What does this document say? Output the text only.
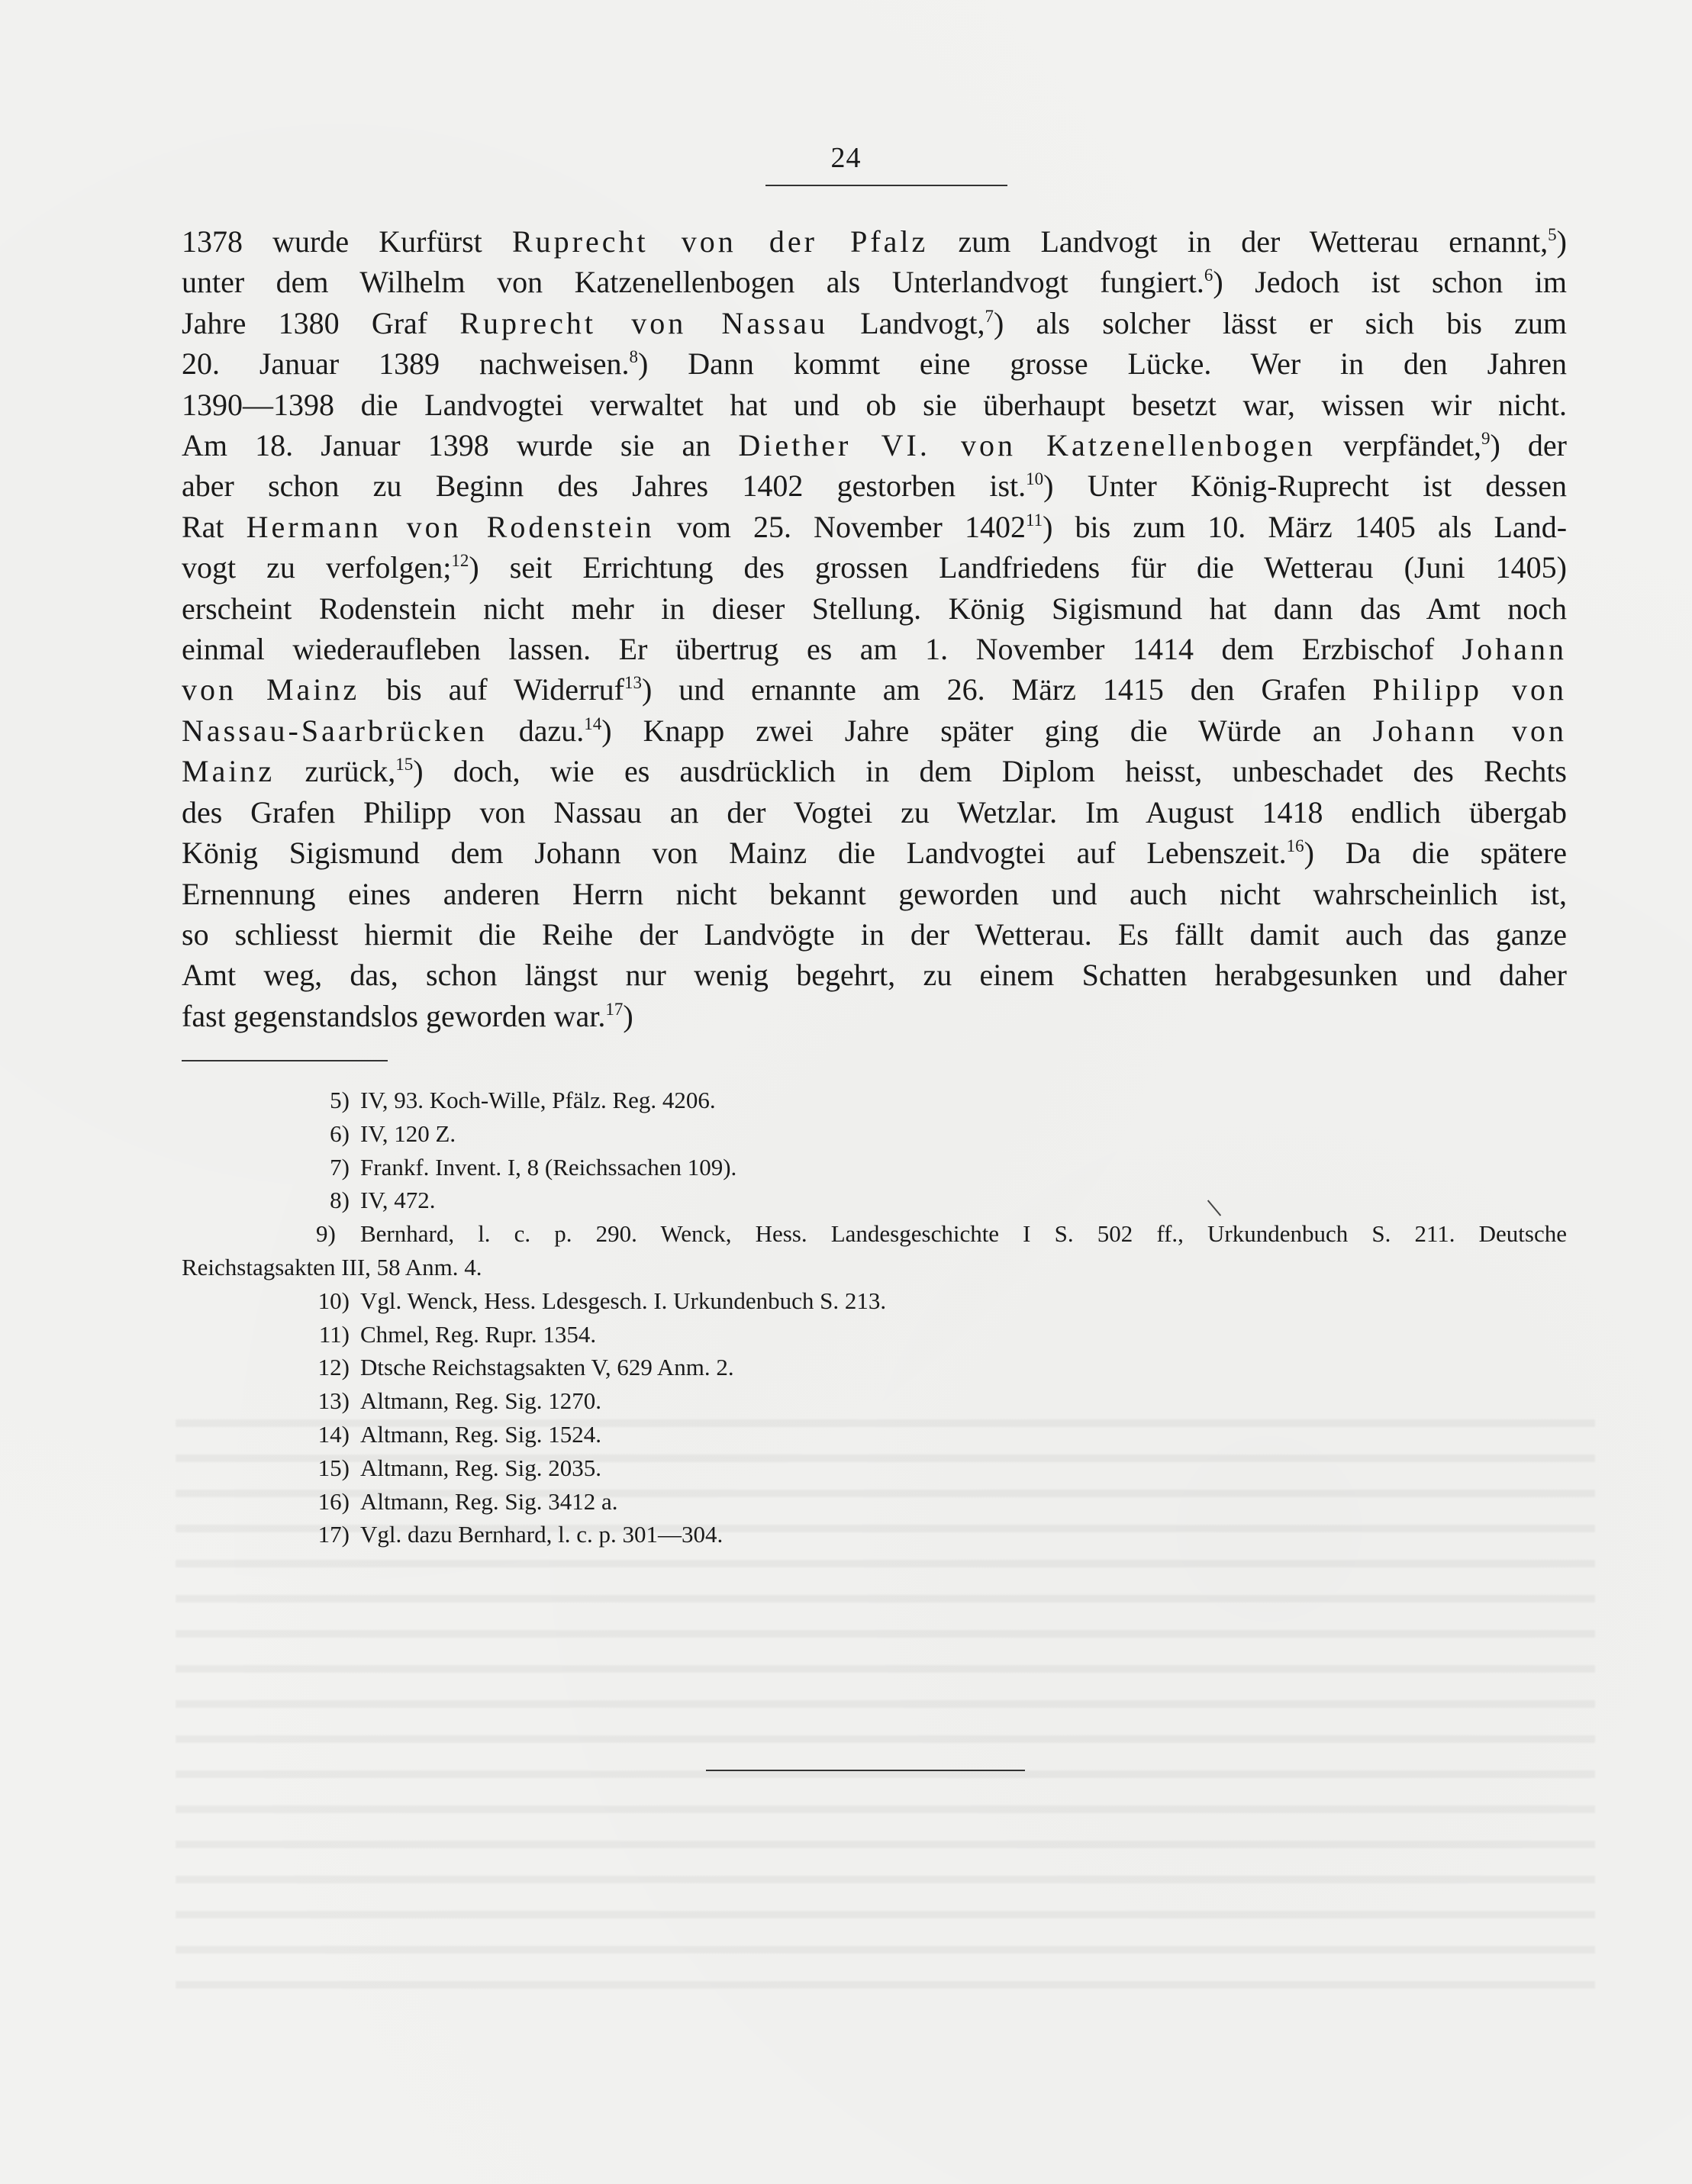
24
1378 wurde Kurfürst Ruprecht von der Pfalz zum Landvogt in der Wetterau ernannt,$^5$)
unter dem Wilhelm von Katzenellenbogen als Unterlandvogt fungiert.$^6$) Jedoch ist schon im
Jahre 1380 Graf Ruprecht von Nassau Landvogt,$^7$) als solcher lässt er sich bis zum
20. Januar 1389 nachweisen.$^8$) Dann kommt eine grosse Lücke. Wer in den Jahren
1390—1398 die Landvogtei verwaltet hat und ob sie überhaupt besetzt war, wissen wir nicht.
Am 18. Januar 1398 wurde sie an Diether VI. von Katzenellenbogen verpfändet,$^9$) der
aber schon zu Beginn des Jahres 1402 gestorben ist.$^{10}$) Unter König-Ruprecht ist dessen
Rat Hermann von Rodenstein vom 25. November 1402$^{11}$) bis zum 10. März 1405 als Land-
vogt zu verfolgen;$^{12}$) seit Errichtung des grossen Landfriedens für die Wetterau (Juni 1405)
erscheint Rodenstein nicht mehr in dieser Stellung. König Sigismund hat dann das Amt noch
einmal wiederaufleben lassen. Er übertrug es am 1. November 1414 dem Erzbischof Johann
von Mainz bis auf Widerruf$^{13}$) und ernannte am 26. März 1415 den Grafen Philipp von
Nassau-Saarbrücken dazu.$^{14}$) Knapp zwei Jahre später ging die Würde an Johann von
Mainz zurück,$^{15}$) doch, wie es ausdrücklich in dem Diplom heisst, unbeschadet des Rechts
des Grafen Philipp von Nassau an der Vogtei zu Wetzlar. Im August 1418 endlich übergab
König Sigismund dem Johann von Mainz die Landvogtei auf Lebenszeit.$^{16}$) Da die spätere
Ernennung eines anderen Herrn nicht bekannt geworden und auch nicht wahrscheinlich ist,
so schliesst hiermit die Reihe der Landvögte in der Wetterau. Es fällt damit auch das ganze
Amt weg, das, schon längst nur wenig begehrt, zu einem Schatten herabgesunken und daher
fast gegenstandslos geworden war.$^{17}$)
5) IV, 93. Koch-Wille, Pfälz. Reg. 4206.
6) IV, 120 Z.
7) Frankf. Invent. I, 8 (Reichssachen 109).
8) IV, 472.
9) Bernhard, l. c. p. 290. Wenck, Hess. Landesgeschichte I S. 502 ff., Urkundenbuch S. 211. Deutsche
Reichstagsakten III, 58 Anm. 4.
10) Vgl. Wenck, Hess. Ldesgesch. I. Urkundenbuch S. 213.
11) Chmel, Reg. Rupr. 1354.
12) Dtsche Reichstagsakten V, 629 Anm. 2.
13) Altmann, Reg. Sig. 1270.
14) Altmann, Reg. Sig. 1524.
15) Altmann, Reg. Sig. 2035.
16) Altmann, Reg. Sig. 3412 a.
17) Vgl. dazu Bernhard, l. c. p. 301—304.
